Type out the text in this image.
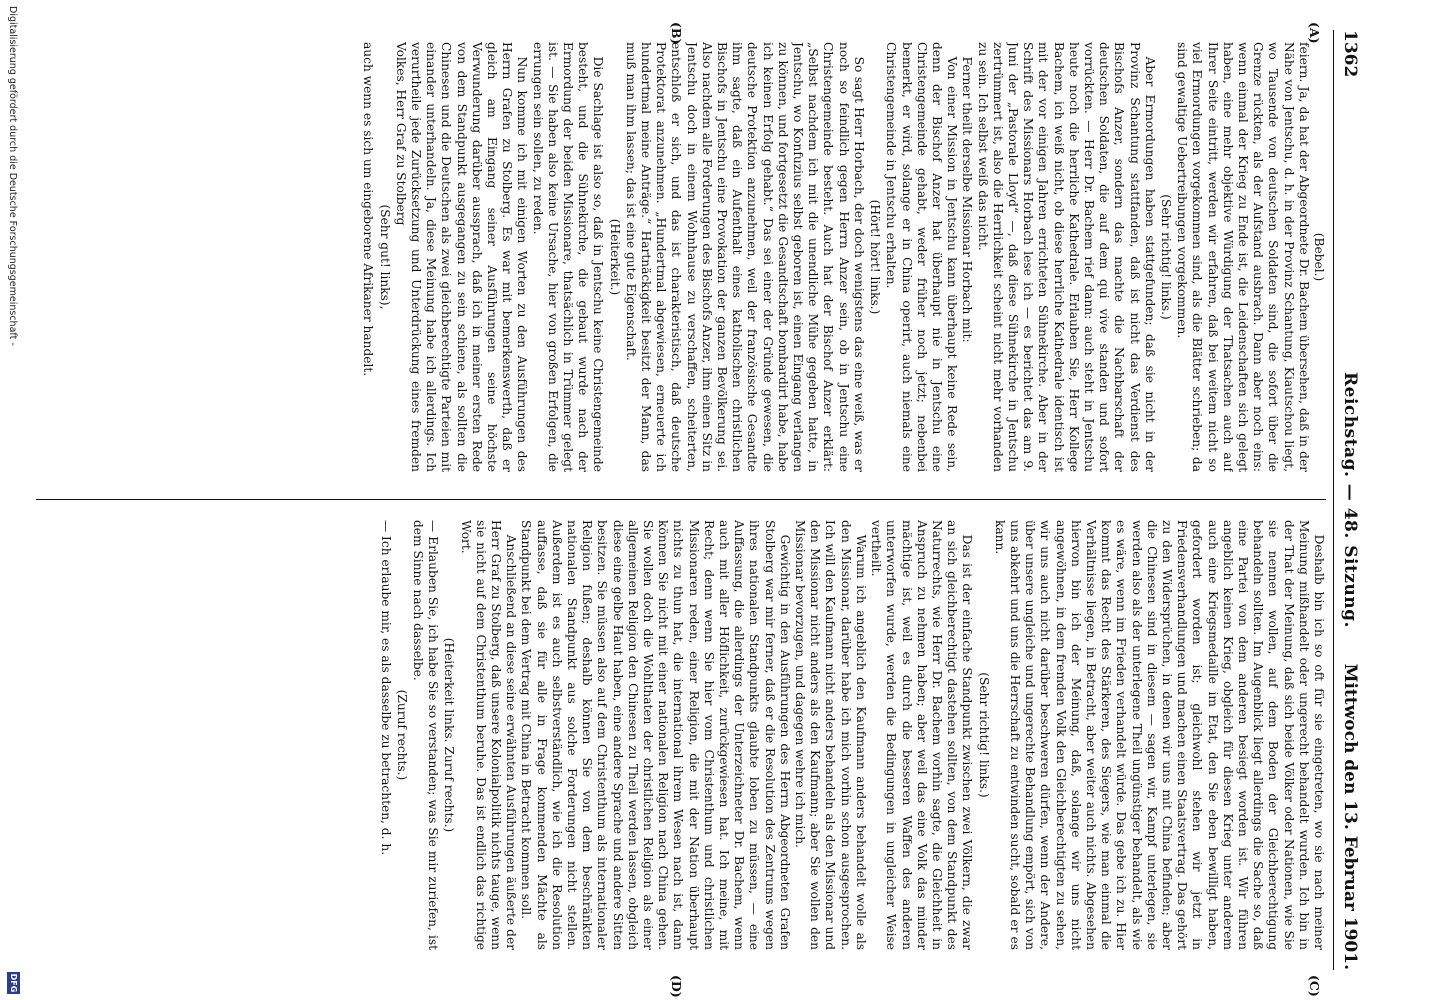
1362
Reichstag. — 48. Sitzung.
Mittwoch den 13. Februar 1901.
(A)
(B)
(C)
(D)

(Bebel.)

feiern. Ja, da hat der Abgeordnete Dr. Bachem übersehen, daß in der Nähe von Jentschu, d. h. in der Provinz Schantung, Kiautschou liegt, wo Tausende von deutschen Soldaten sind, die sofort über die Grenze rückten, als der Aufstand ausbrach. Dann aber noch eins: wenn einmal der Krieg zu Ende ist, die Leidenschaften sich gelegt haben, eine mehr objektive Würdigung der Thatsachen auch auf Ihrer Seite eintritt, werden wir erfahren, daß bei weitem nicht so viel Ermordungen vorgekommen sind, als die Blätter schrieben; da sind gewaltige Uebertreibungen vorgekommen.

(Sehr richtig! links.)

Aber Ermordungen haben stattgefunden; daß sie nicht in der Provinz Schantung stattfanden, daß ist nicht das Verdienst des Bischofs Anzer, sondern das machte die Nachbarschaft der deutschen Soldaten, die auf dem qui vive standen und sofort vorrückten. — Herr Dr. Bachem rief dann: auch steht in Jentschu heute noch die herrliche Kathedrale. Erlauben Sie, Herr Kollege Bachem, ich weiß nicht, ob diese herrliche Kathedrale identisch ist mit der vor einigen Jahren errichteten Sühnekirche. Aber in der Schrift des Missionars Horbach lese ich — es berichtet das am 9. Juni der „Pastorale Lloyd“ —, daß diese Sühnekirche in Jentschu zertrümmert ist, also die Herrlichkeit scheint nicht mehr vorhanden zu sein. Ich selbst weiß das nicht.

Ferner theilt derselbe Missionar Horbach mit:

Von einer Mission in Jentschu kann überhaupt keine Rede sein, denn der Bischof Anzer hat überhaupt nie in Jentschu eine Christengemeinde gehabt, weder früher noch jetzt; nebenbei bemerkt, er wird, solange er in China operirt, auch niemals eine Christengemeinde in Jentschu erhalten.

(Hört! hört! links.)

So sagt Herr Horbach, der doch wenigstens das eine weiß, was er noch so feindlich gegen Herrn Anzer sein, ob in Jentschu eine Christengemeinde besteht. Auch hat der Bischof Anzer erklärt: „Selbst nachdem ich mit die unendliche Mühe gegeben hatte, in Jentschu, wo Konfuzius selbst geboren ist, einen Eingang verlangen zu können, und fortgesetzt die Gesandtschaft bombardirt habe, habe ich keinen Erfolg gehabt.“ Das sei einer der Gründe gewesen, die deutsche Protektion anzunehmen, weil der französische Gesandte ihm sagte, daß ein Aufenthalt eines katholischen christlichen Bischofs in Jentschu eine Provokation der ganzen Bevölkerung sei. Also nachdem alle Forderungen des Bischofs Anzer, ihm einen Sitz in Jentschu doch in einem Wohnhause zu verschaffen, scheiterten, entschloß er sich, und das ist charakteristisch, daß deutsche Protektorat anzunehmen. „Hundertmal abgewiesen, erneuerte ich hundertmal meine Anträge.“ Hartnäckigkeit besitzt der Mann, das muß man ihm lassen; das ist eine gute Eigenschaft.

(Heiterkeit.)

Die Sachlage ist also so, daß in Jentschu keine Christengemeinde besteht, und die Sühnekirche, die gebaut wurde nach der Ermordung der beiden Missionare, thatsächlich in Trümmer gelegt ist. — Sie haben also keine Ursache, hier von großen Erfolgen, die errungen sein sollen, zu reden.

Nun komme ich mit einigen Worten zu den Ausführungen des Herrn Grafen zu Stolberg. Es war mit bemerkenswerth, daß er gleich am Eingang seiner Ausführungen seine höchste Verwunderung darüber aussprach, daß ich in meiner ersten Rede von dem Standpunkt ausgegangen zu sein schiene, als sollten die Chinesen und die Deutschen als zwei gleichberechtigte Parteien mit einander unterhandeln. Ja, diese Meinung habe ich allerdings. Ich verurtheile jede Zurücksetzung und Unterdrückung eines fremden Volkes, Herr Graf zu Stolberg

(Sehr gut! links),

auch wenn es sich um eingeborene Afrikaner handelt.

Deshalb bin ich so oft für sie eingetreten, wo sie nach meiner Meinung mißhandelt oder ungerecht behandelt wurden. Ich bin in der That der Meinung, daß sich beide Völker oder Nationen, wie Sie sie nennen wollen, auf dem Boden der Gleichberechtigung behandeln sollten. Im Augenblick liegt allerdings die Sache so, daß eine Partei von dem anderen besiegt worden ist. Wir führen angeblich keinen Krieg, obgleich für diesen Krieg unter anderem auch eine Kriegsmedaille im Etat, den Sie eben bewilligt haben, gefordert worden ist; gleichwohl stehen wir jetzt in Friedensverhandlungen und machen einen Staatsvertrag. Das gehört zu den Widersprüchen, in denen wir uns mit China befinden; aber die Chinesen sind in diesem — sagen wir, Kampf unterlegen, sie werden also als der unterlegene Theil ungünstiger behandelt, als wie es wäre, wenn im Frieden verhandelt würde. Das gebe ich zu. Hier kommt das Recht des Stärkeren, des Siegers, wie man einmal die Verhältnisse liegen, in Betracht, aber weiter auch nichts. Abgesehen hiervon bin ich der Meinung, daß, solange wir uns nicht angewöhnen, in dem fremden Volk den Gleichberechtigten zu sehen, wir uns auch nicht darüber beschweren dürfen, wenn der Andere, über unsere ungleiche und ungerechte Behandlung empört, sich von uns abkehrt und uns die Herrschaft zu entwinden sucht, sobald er es kann.

(Sehr richtig! links.)

Das ist der einfache Standpunkt zwischen zwei Völkern, die zwar an sich gleichberechtigt dastehen sollten, von dem Standpunkt des Naturrechts, wie Herr Dr. Bachem vorhin sagte, die Gleichheit in Anspruch zu nehmen haben; aber weil das eine Volk das minder mächtige ist, weil es durch die besseren Waffen des anderen unterworfen wurde, werden die Bedingungen in ungleicher Weise vertheilt.

Warum ich angeblich den Kaufmann anders behandelt wolle als den Missionar, darüber habe ich mich vorhin schon ausgesprochen. Ich will den Kaufmann nicht anders behandeln als den Missionar und den Missionar nicht anders als den Kaufmann; aber Sie wollen den Missionar bevorzugen, und dagegen wehre ich mich.

Gewichtig in den Ausführungen des Herrn Abgeordneten Grafen Stolberg war mir ferner, daß er die Resolution des Zentrums wegen ihres nationalen Standpunkts glaubte loben zu müssen, — eine Auffassung, die allerdings der Unterzeichneter Dr. Bachem, wenn auch mit aller Höflichkeit, zurückgewiesen hat. Ich meine, mit Recht; denn wenn Sie hier vom Christenthum und christlichen Missionaren reden, einer Religion, die mit der Nation überhaupt nichts zu thun hat, die international ihrem Wesen nach ist, dann können Sie nicht mit einer nationalen Religion nach China gehen. Sie wollen doch die Wohlthaten der christlichen Religion als einer allgemeinen Religion den Chinesen zu Theil werden lassen, obgleich diese eine gelbe Haut haben, eine andere Sprache und andere Sitten besitzen. Sie müssen also auf dem Christenthum als internationaler Religion fußen; deshalb können Sie von dem beschränkten nationalen Standpunkt aus solche Forderungen nicht stellen. Außerdem ist es auch selbstverständlich, wie ich die Resolution auffasse, daß sie für alle in Frage kommenden Mächte als Standpunkt bei dem Vertrag mit China in Betracht kommen soll.

Anschließend an diese seine erwähnten Ausführungen äußerte der Herr Graf zu Stolberg, daß unsere Kolonialpolitik nichts tauge, wenn sie nicht auf dem Christenthum beruhe. Das ist endlich das richtige Wort.

(Heiterkeit links. Zuruf rechts.)

— Erlauben Sie, ich habe Sie so verstanden; was Sie mir zuriefen, ist dem Sinne nach dasselbe.

(Zuruf rechts.)

— Ich erlaube mir, es als dasselbe zu betrachten, d. h.

Digitalisierung gefördert durch die Deutsche Forschungsgemeinschaft -
DFG
